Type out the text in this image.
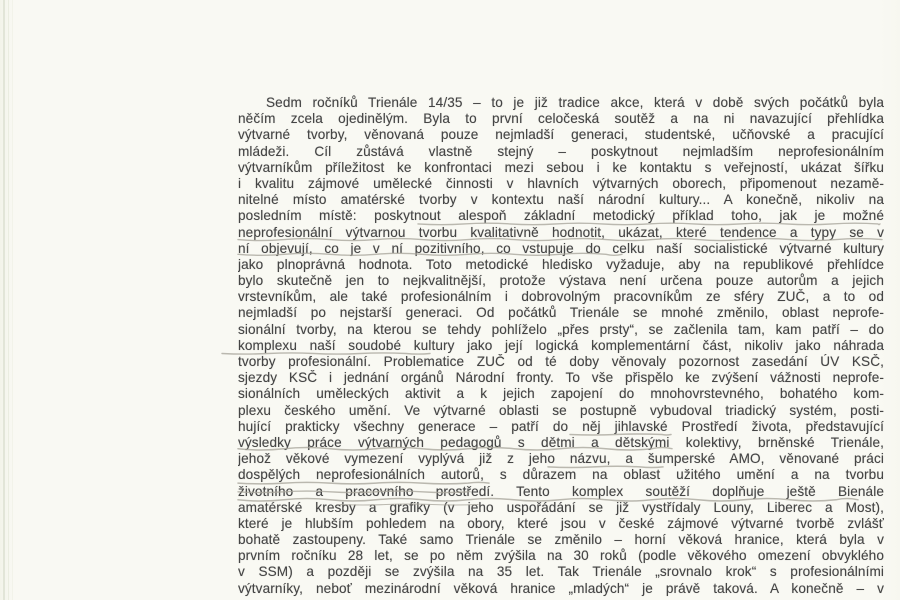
Sedm ročníků Trienále 14/35 – to je již tradice akce, která v době svých počátků byla
něčím zcela ojedinělým. Byla to první celočeská soutěž a na ni navazující přehlídka
výtvarné tvorby, věnovaná pouze nejmladší generaci, studentské, učňovské a pracující
mládeži. Cíl zůstává vlastně stejný – poskytnout nejmladším neprofesionálním
výtvarníkům příležitost ke konfrontaci mezi sebou i ke kontaktu s veřejností, ukázat šířku
i kvalitu zájmové umělecké činnosti v hlavních výtvarných oborech, připomenout nezamě-
nitelné místo amatérské tvorby v kontextu naší národní kultury... A konečně, nikoliv na
posledním místě: poskytnout alespoň základní metodický příklad toho, jak je možné
neprofesionální výtvarnou tvorbu kvalitativně hodnotit, ukázat, které tendence a typy se v
ní objevují, co je v ní pozitivního, co vstupuje do celku naší socialistické výtvarné kultury
jako plnoprávná hodnota. Toto metodické hledisko vyžaduje, aby na republikové přehlídce
bylo skutečně jen to nejkvalitnější, protože výstava není určena pouze autorům a jejich
vrstevníkům, ale také profesionálním i dobrovolným pracovníkům ze sféry ZUČ, a to od
nejmladší po nejstarší generaci. Od počátků Trienále se mnohé změnilo, oblast neprofe-
sionální tvorby, na kterou se tehdy pohlíželo „přes prsty“, se začlenila tam, kam patří – do
komplexu naší soudobé kultury jako její logická komplementární část, nikoliv jako náhrada
tvorby profesionální. Problematice ZUČ od té doby věnovaly pozornost zasedání ÚV KSČ,
sjezdy KSČ i jednání orgánů Národní fronty. To vše přispělo ke zvýšení vážnosti neprofe-
sionálních uměleckých aktivit a k jejich zapojení do mnohovrstevného, bohatého kom-
plexu českého umění. Ve výtvarné oblasti se postupně vybudoval triadický systém, posti-
hující prakticky všechny generace – patří do něj jihlavské Prostředí života, představující
výsledky práce výtvarných pedagogů s dětmi a dětskými kolektivy, brněnské Trienále,
jehož věkové vymezení vyplývá již z jeho názvu, a šumperské AMO, věnované práci
dospělých neprofesionálních autorů, s důrazem na oblast užitého umění a na tvorbu
životního a pracovního prostředí. Tento komplex soutěží doplňuje ještě Bienále
amatérské kresby a grafiky (v jeho uspořádání se již vystřídaly Louny, Liberec a Most),
které je hlubším pohledem na obory, které jsou v české zájmové výtvarné tvorbě zvlášť
bohatě zastoupeny. Také samo Trienále se změnilo – horní věková hranice, která byla v
prvním ročníku 28 let, se po něm zvýšila na 30 roků (podle věkového omezení obvyklého
v SSM) a později se zvýšila na 35 let. Tak Trienále „srovnalo krok“ s profesionálními
výtvarníky, neboť mezinárodní věková hranice „mladých“ je právě taková. A konečně – v
